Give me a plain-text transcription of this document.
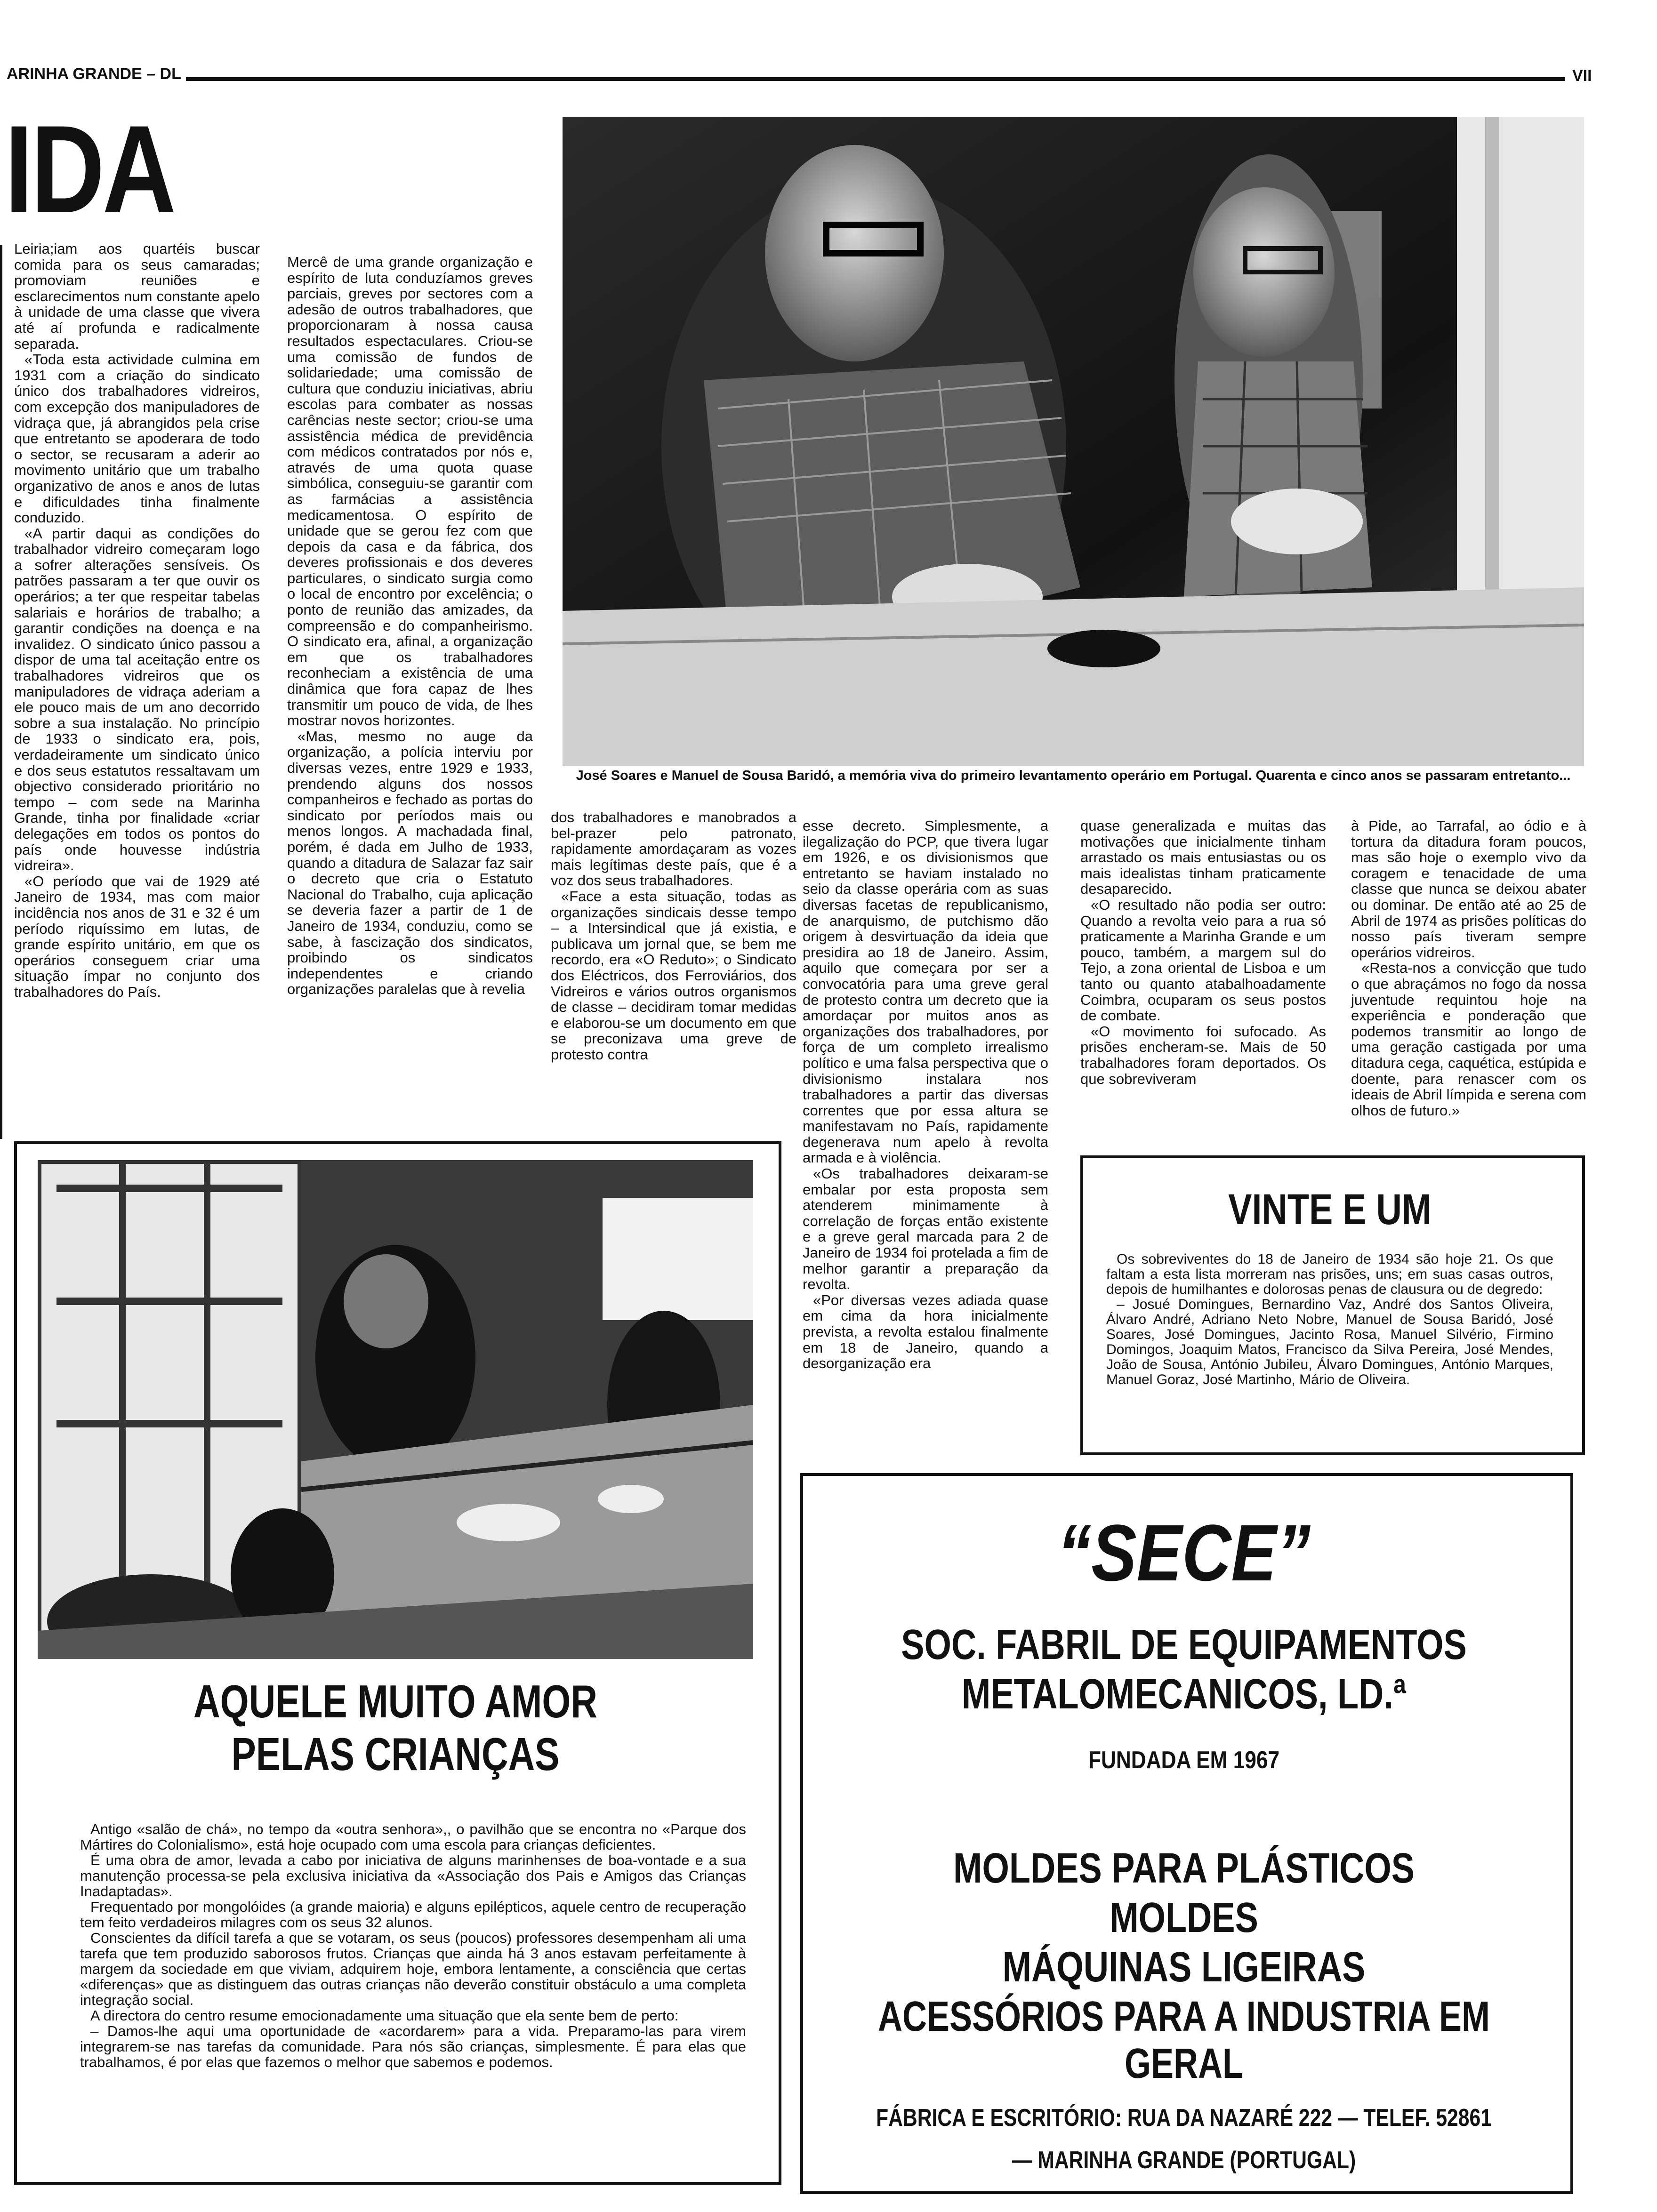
ARINHA GRANDE – DL	VII
IDA
José Soares e Manuel de Sousa Baridó, a memória viva do primeiro levantamento operário em Portugal. Quarenta e cinco anos se passaram entretanto...

Leiria;iam aos quartéis buscar comida para os seus camaradas; promoviam reuniões e esclarecimentos num constante apelo à unidade de uma classe que vivera até aí profunda e radicalmente separada.

«Toda esta actividade culmina em 1931 com a criação do sindicato único dos trabalhadores vidreiros, com excepção dos manipuladores de vidraça que, já abrangidos pela crise que entretanto se apoderara de todo o sector, se recusaram a aderir ao movimento unitário que um trabalho organizativo de anos e anos de lutas e dificuldades tinha finalmente conduzido.

«A partir daqui as condições do trabalhador vidreiro começaram logo a sofrer alterações sensíveis. Os patrões passaram a ter que ouvir os operários; a ter que respeitar tabelas salariais e horários de trabalho; a garantir condições na doença e na invalidez. O sindicato único passou a dispor de uma tal aceitação entre os trabalhadores vidreiros que os manipuladores de vidraça aderiam a ele pouco mais de um ano decorrido sobre a sua instalação. No princípio de 1933 o sindicato era, pois, verdadeiramente um sindicato único e dos seus estatutos ressaltavam um objectivo considerado prioritário no tempo – com sede na Marinha Grande, tinha por finalidade «criar delegações em todos os pontos do país onde houvesse indústria vidreira».

«O período que vai de 1929 até Janeiro de 1934, mas com maior incidência nos anos de 31 e 32 é um período riquíssimo em lutas, de grande espírito unitário, em que os operários conseguem criar uma situação ímpar no conjunto dos trabalhadores do País.

Mercê de uma grande organização e espírito de luta conduzíamos greves parciais, greves por sectores com a adesão de outros trabalhadores, que proporcionaram à nossa causa resultados espectaculares. Criou-se uma comissão de fundos de solidariedade; uma comissão de cultura que conduziu iniciativas, abriu escolas para combater as nossas carências neste sector; criou-se uma assistência médica de previdência com médicos contratados por nós e, através de uma quota quase simbólica, conseguiu-se garantir com as farmácias a assistência medicamentosa. O espírito de unidade que se gerou fez com que depois da casa e da fábrica, dos deveres profissionais e dos deveres particulares, o sindicato surgia como o local de encontro por excelência; o ponto de reunião das amizades, da compreensão e do companheirismo. O sindicato era, afinal, a organização em que os trabalhadores reconheciam a existência de uma dinâmica que fora capaz de lhes transmitir um pouco de vida, de lhes mostrar novos horizontes.

«Mas, mesmo no auge da organização, a polícia interviu por diversas vezes, entre 1929 e 1933, prendendo alguns dos nossos companheiros e fechado as portas do sindicato por períodos mais ou menos longos. A machadada final, porém, é dada em Julho de 1933, quando a ditadura de Salazar faz sair o decreto que cria o Estatuto Nacional do Trabalho, cuja aplicação se deveria fazer a partir de 1 de Janeiro de 1934, conduziu, como se sabe, à fascização dos sindicatos, proibindo os sindicatos independentes e criando organizações paralelas que à revelia

dos trabalhadores e manobrados a bel-prazer pelo patronato, rapidamente amordaçaram as vozes mais legítimas deste país, que é a voz dos seus trabalhadores.

«Face a esta situação, todas as organizações sindicais desse tempo – a Intersindical que já existia, e publicava um jornal que, se bem me recordo, era «O Reduto»; o Sindicato dos Eléctricos, dos Ferroviários, dos Vidreiros e vários outros organismos de classe – decidiram tomar medidas e elaborou-se um documento em que se preconizava uma greve de protesto contra

esse decreto. Simplesmente, a ilegalização do PCP, que tivera lugar em 1926, e os divisionismos que entretanto se haviam instalado no seio da classe operária com as suas diversas facetas de republicanismo, de anarquismo, de putchismo dão origem à desvirtuação da ideia que presidira ao 18 de Janeiro. Assim, aquilo que começara por ser a convocatória para uma greve geral de protesto contra um decreto que ia amordaçar por muitos anos as organizações dos trabalhadores, por força de um completo irrealismo político e uma falsa perspectiva que o divisionismo instalara nos trabalhadores a partir das diversas correntes que por essa altura se manifestavam no País, rapidamente degenerava num apelo à revolta armada e à violência.

«Os trabalhadores deixaram-se embalar por esta proposta sem atenderem minimamente à correlação de forças então existente e a greve geral marcada para 2 de Janeiro de 1934 foi protelada a fim de melhor garantir a preparação da revolta.

«Por diversas vezes adiada quase em cima da hora inicialmente prevista, a revolta estalou finalmente em 18 de Janeiro, quando a desorganização era

quase generalizada e muitas das motivações que inicialmente tinham arrastado os mais entusiastas ou os mais idealistas tinham praticamente desaparecido.

«O resultado não podia ser outro: Quando a revolta veio para a rua só praticamente a Marinha Grande e um pouco, também, a margem sul do Tejo, a zona oriental de Lisboa e um tanto ou quanto atabalhoadamente Coimbra, ocuparam os seus postos de combate.

«O movimento foi sufocado. As prisões encheram-se. Mais de 50 trabalhadores foram deportados. Os que sobreviveram

à Pide, ao Tarrafal, ao ódio e à tortura da ditadura foram poucos, mas são hoje o exemplo vivo da coragem e tenacidade de uma classe que nunca se deixou abater ou dominar. De então até ao 25 de Abril de 1974 as prisões políticas do nosso país tiveram sempre operários vidreiros.

«Resta-nos a convicção que tudo o que abraçámos no fogo da nossa juventude requintou hoje na experiência e ponderação que podemos transmitir ao longo de uma geração castigada por uma ditadura cega, caquética, estúpida e doente, para renascer com os ideais de Abril límpida e serena com olhos de futuro.»

AQUELE MUITO AMOR
PELAS CRIANÇAS

Antigo «salão de chá», no tempo da «outra senhora»,, o pavilhão que se encontra no «Parque dos Mártires do Colonialismo», está hoje ocupado com uma escola para crianças deficientes.

É uma obra de amor, levada a cabo por iniciativa de alguns marinhenses de boa-vontade e a sua manutenção processa-se pela exclusiva iniciativa da «Associação dos Pais e Amigos das Crianças Inadaptadas».

Frequentado por mongolóides (a grande maioria) e alguns epilépticos, aquele centro de recuperação tem feito verdadeiros milagres com os seus 32 alunos.

Conscientes da difícil tarefa a que se votaram, os seus (poucos) professores desempenham ali uma tarefa que tem produzido saborosos frutos. Crianças que ainda há 3 anos estavam perfeitamente à margem da sociedade em que viviam, adquirem hoje, embora lentamente, a consciência que certas «diferenças» que as distinguem das outras crianças não deverão constituir obstáculo a uma completa integração social.

A directora do centro resume emocionadamente uma situação que ela sente bem de perto:

– Damos-lhe aqui uma oportunidade de «acordarem» para a vida. Preparamo-las para virem integrarem-se nas tarefas da comunidade. Para nós são crianças, simplesmente. É para elas que trabalhamos, é por elas que fazemos o melhor que sabemos e podemos.

VINTE E UM

Os sobreviventes do 18 de Janeiro de 1934 são hoje 21. Os que faltam a esta lista morreram nas prisões, uns; em suas casas outros, depois de humilhantes e dolorosas penas de clausura ou de degredo:

– Josué Domingues, Bernardino Vaz, André dos Santos Oliveira, Álvaro André, Adriano Neto Nobre, Manuel de Sousa Baridó, José Soares, José Domingues, Jacinto Rosa, Manuel Silvério, Firmino Domingos, Joaquim Matos, Francisco da Silva Pereira, José Mendes, João de Sousa, António Jubileu, Álvaro Domingues, António Marques, Manuel Goraz, José Martinho, Mário de Oliveira.

“SECE”
SOC. FABRIL DE EQUIPAMENTOS
METALOMECANICOS, LD.ª
FUNDADA EM 1967
MOLDES PARA PLÁSTICOS
MOLDES
MÁQUINAS LIGEIRAS
ACESSÓRIOS PARA A INDUSTRIA EM GERAL
FÁBRICA E ESCRITÓRIO: RUA DA NAZARÉ 222 — TELEF. 52861
— MARINHA GRANDE (PORTUGAL)
